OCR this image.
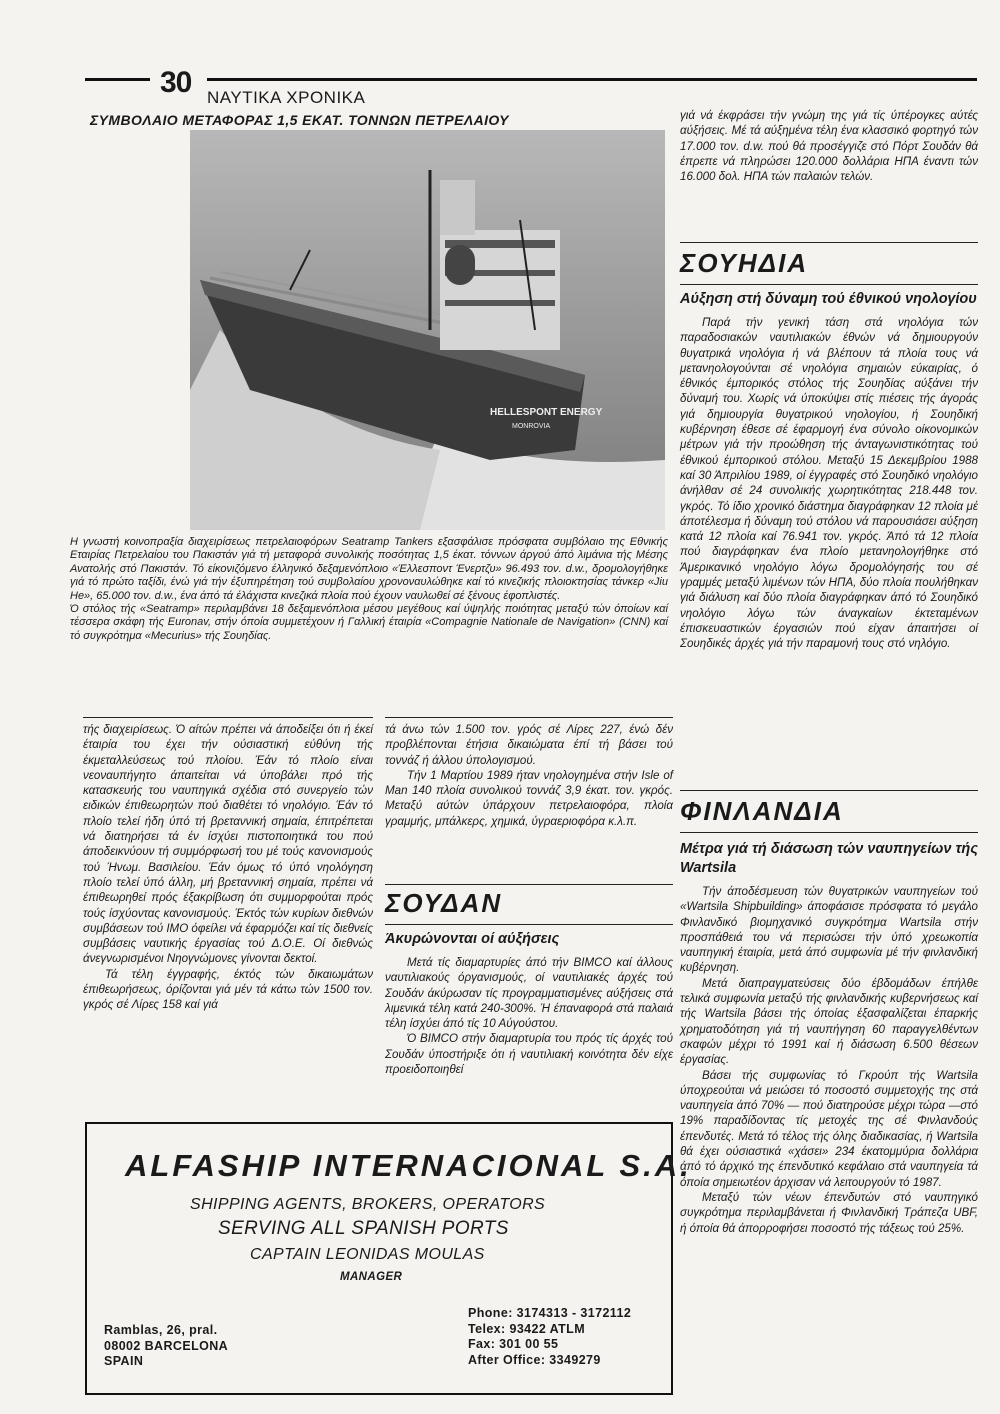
30 ΝΑΥΤΙΚΑ ΧΡΟΝΙΚΑ
ΣΥΜΒΟΛΑΙΟ ΜΕΤΑΦΟΡΑΣ 1,5 ΕΚΑΤ. ΤΟΝΝΩΝ ΠΕΤΡΕΛΑΙΟΥ
HELLESPONT ENERGY
MONROVIA

Η γνωστή κοινοπραξία διαχειρίσεως πετρελαιοφόρων Seatramp Tankers εξασφάλισε πρόσφατα συμβόλαιο της Εθνικής Εταιρίας Πετρελαίου του Πακιστάν γιά τή μεταφορά συνολικής ποσότητας 1,5 έκατ. τόννων άργού άπό λιμάνια τής Μέσης Ανατολής στό Πακιστάν. Τό είκονιζόμενο έλληνικό δεξαμενόπλοιο «Έλλεσποντ Ένερτζυ» 96.493 τον. d.w., δρομολογήθηκε γιά τό πρώτο ταξίδι, ένώ γιά τήν έξυπηρέτηση τού συμβολαίου χρονοναυλώθηκε καί τό κινεζικής πλοιοκτησίας τάνκερ «Jiu He», 65.000 τον. d.w., ένα άπό τά έλάχιστα κινεζικά πλοία πού έχουν ναυλωθεί σέ ξένους έφοπλιστές.

Ό στόλος τής «Seatramp» περιλαμβάνει 18 δεξαμενόπλοια μέσου μεγέθους καί ύψηλής ποιότητας μεταξύ τών όποίων καί τέσσερα σκάφη τής Euronav, στήν όποία συμμετέχουν ή Γαλλική έταιρία «Compagnie Nationale de Navigation» (CNN) καί τό συγκρότημα «Mecurius» τής Σουηδίας.

τής διαχειρίσεως. Ό αίτών πρέπει νά άποδείξει ότι ή έκεί έταιρία του έχει τήν ούσιαστική εύθύνη τής έκμεταλλεύσεως τού πλοίου. Έάν τό πλοίο είναι νεοναυπήγητο άπαιτείται νά ύποβάλει πρό τής κατασκευής του ναυπηγικά σχέδια στό συνεργείο τών ειδικών έπιθεωρητών πού διαθέτει τό νηολόγιο. Έάν τό πλοίο τελεί ήδη ύπό τή βρεταννική σημαία, έπιτρέπεται νά διατηρήσει τά έν ίσχύει πιστοποιητικά του πού άποδεικνύουν τή συμμόρφωσή του μέ τούς κανονισμούς τού Ήνωμ. Βασιλείου. Έάν όμως τό ύπό νηολόγηση πλοίο τελεί ύπό άλλη, μή βρεταννική σημαία, πρέπει νά έπιθεωρηθεί πρός έξακρίβωση ότι συμμορφούται πρός τούς ίσχύοντας κανονισμούς. Έκτός τών κυρίων διεθνών συμβάσεων τού ΙΜΟ όφείλει νά έφαρμόζει καί τίς διεθνείς συμβάσεις ναυτικής έργασίας τού Δ.Ο.Ε. Οί διεθνώς άνεγνωρισμένοι Νηογνώμονες γίνονται δεκτοί.

Τά τέλη έγγραφής, έκτός τών δικαιωμάτων έπιθεωρήσεως, όρίζονται γιά μέν τά κάτω τών 1500 τον. γκρός σέ Λίρες 158 καί γιά

τά άνω τών 1.500 τον. γρός σέ Λίρες 227, ένώ δέν προβλέπονται έτήσια δικαιώματα έπί τή βάσει τού τοννάζ ή άλλου ύπολογισμού.

Τήν 1 Μαρτίου 1989 ήταν νηολογημένα στήν Isle of Man 140 πλοία συνολικού τοννάζ 3,9 έκατ. τον. γκρός. Μεταξύ αύτών ύπάρχουν πετρελαιοφόρα, πλοία γραμμής, μπάλκερς, χημικά, ύγραεριοφόρα κ.λ.π.

ΣΟΥΔΑΝ

Άκυρώνονται οί αύξήσεις

Μετά τίς διαμαρτυρίες άπό τήν BIMCO καί άλλους ναυτιλιακούς όργανισμούς, οί ναυτιλιακές άρχές τού Σουδάν άκύρωσαν τίς προγραμματισμένες αύξήσεις στά λιμενικά τέλη κατά 240-300%. Ή έπαναφορά στά παλαιά τέλη ίσχύει άπό τίς 10 Αύγούστου.

Ό BIMCO στήν διαμαρτυρία του πρός τίς άρχές τού Σουδάν ύποστήριξε ότι ή ναυτιλιακή κοινότητα δέν είχε προειδοποιηθεί

γιά νά έκφράσει τήν γνώμη της γιά τίς ύπέρογκες αύτές αύξήσεις. Μέ τά αύξημένα τέλη ένα κλασσικό φορτηγό τών 17.000 τον. d.w. πού θά προσέγγιζε στό Πόρτ Σουδάν θά έπρεπε νά πληρώσει 120.000 δολλάρια ΗΠΑ έναντι τών 16.000 δολ. ΗΠΑ τών παλαιών τελών.

ΣΟΥΗΔΙΑ

Αύξηση στή δύναμη τού έθνικού νηολογίου

Παρά τήν γενική τάση στά νηολόγια τών παραδοσιακών ναυτιλιακών έθνών νά δημιουργούν θυγατρικά νηολόγια ή νά βλέπουν τά πλοία τους νά μετανηολογούνται σέ νηολόγια σημαιών εύκαιρίας, ό έθνικός έμπορικός στόλος τής Σουηδίας αύξάνει τήν δύναμή του. Χωρίς νά ύποκύψει στίς πιέσεις τής άγοράς γιά δημιουργία θυγατρικού νηολογίου, ή Σουηδική κυβέρνηση έθεσε σέ έφαρμογή ένα σύνολο οίκονομικών μέτρων γιά τήν προώθηση τής άνταγωνιστικότητας τού έθνικού έμπορικού στόλου. Μεταξύ 15 Δεκεμβρίου 1988 καί 30 Άπριλίου 1989, οί έγγραφές στό Σουηδικό νηολόγιο άνήλθαν σέ 24 συνολικής χωρητικότητας 218.448 τον. γκρός. Τό ίδιο χρονικό διάστημα διαγράφηκαν 12 πλοία μέ άποτέλεσμα ή δύναμη τού στόλου νά παρουσιάσει αύξηση κατά 12 πλοία καί 76.941 τον. γκρός. Άπό τά 12 πλοία πού διαγράφηκαν ένα πλοίο μετανηολογήθηκε στό Άμερικανικό νηολόγιο λόγω δρομολόγησής του σέ γραμμές μεταξύ λιμένων τών ΗΠΑ, δύο πλοία πουλήθηκαν γιά διάλυση καί δύο πλοία διαγράφηκαν άπό τό Σουηδικό νηολόγιο λόγω τών άναγκαίων έκτεταμένων έπισκευαστικών έργασιών πού είχαν άπαιτήσει οί Σουηδικές άρχές γιά τήν παραμονή τους στό νηλόγιο.

ΦΙΝΛΑΝΔΙΑ

Μέτρα γιά τή διάσωση τών ναυπηγείων τής Wartsila

Τήν άποδέσμευση τών θυγατρικών ναυπηγείων τού «Wartsila Shipbuilding» άποφάσισε πρόσφατα τό μεγάλο Φινλανδικό βιομηχανικό συγκρότημα Wartsila στήν προσπάθειά του νά περισώσει τήν ύπό χρεωκοπία ναυπηγική έταιρία, μετά άπό συμφωνία μέ τήν φινλανδική κυβέρνηση.

Μετά διαπραγματεύσεις δύο έβδομάδων έπήλθε τελικά συμφωνία μεταξύ τής φινλανδικής κυβερνήσεως καί τής Wartsila βάσει τής όποίας έξασφαλίζεται έπαρκής χρηματοδότηση γιά τή ναυπήγηση 60 παραγγελθέντων σκαφών μέχρι τό 1991 καί ή διάσωση 6.500 θέσεων έργασίας.

Βάσει τής συμφωνίας τό Γκρούπ τής Wartsila ύποχρεούται νά μειώσει τό ποσοστό συμμετοχής της στά ναυπηγεία άπό 70% — πού διατηρούσε μέχρι τώρα —στό 19% παραδίδοντας τίς μετοχές της σέ Φινλανδούς έπενδυτές. Μετά τό τέλος τής όλης διαδικασίας, ή Wartsila θά έχει ούσιαστικά «χάσει» 234 έκατομμύρια δολλάρια άπό τό άρχικό της έπενδυτικό κεφάλαιο στά ναυπηγεία τά όποία σημειωτέον άρχισαν νά λειτουργούν τό 1987.

Μεταξύ τών νέων έπενδυτών στό ναυπηγικό συγκρότημα περιλαμβάνεται ή Φινλανδική Τράπεζα UBF, ή όποία θά άπορροφήσει ποσοστό τής τάξεως τού 25%.

ALFASHIP INTERNACIONAL S.A.
SHIPPING AGENTS, BROKERS, OPERATORS
SERVING ALL SPANISH PORTS
CAPTAIN LEONIDAS MOULAS
MANAGER
Ramblas, 26, pral.
08002 BARCELONA
SPAIN
Phone: 3174313 - 3172112
Telex: 93422 ATLM
Fax: 301 00 55
After Office: 3349279
